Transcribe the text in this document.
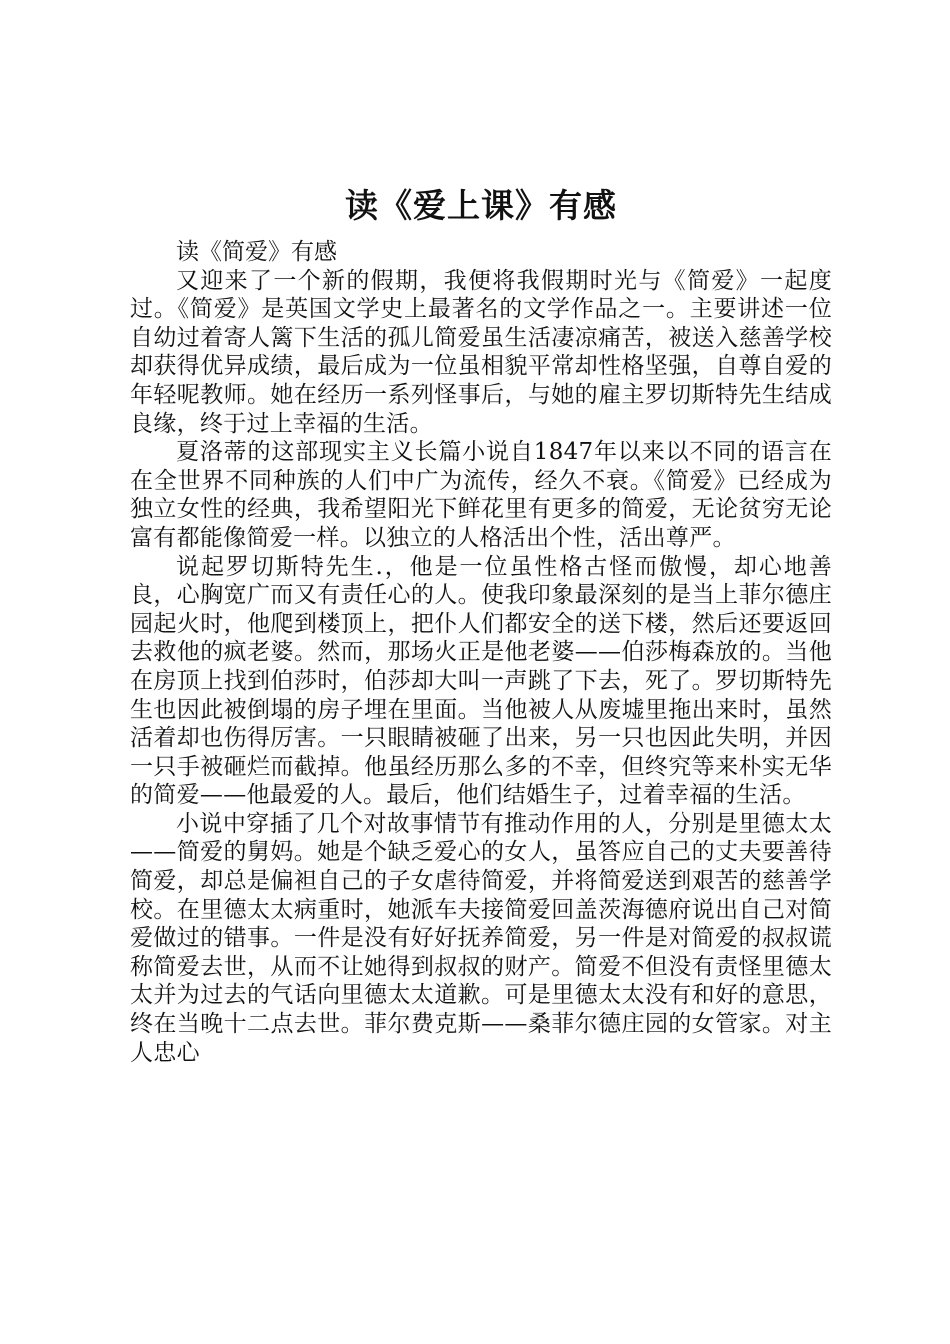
读《爱上课》有感

读《简爱》有感

又迎来了一个新的假期，我便将我假期时光与《简爱》一起度过。《简爱》是英国文学史上最著名的文学作品之一。主要讲述一位自幼过着寄人篱下生活的孤儿简爱虽生活凄凉痛苦，被送入慈善学校却获得优异成绩，最后成为一位虽相貌平常却性格坚强，自尊自爱的年轻呢教师。她在经历一系列怪事后，与她的雇主罗切斯特先生结成良缘，终于过上幸福的生活。

夏洛蒂的这部现实主义长篇小说自1847年以来以不同的语言在在全世界不同种族的人们中广为流传，经久不衰。《简爱》已经成为独立女性的经典，我希望阳光下鲜花里有更多的简爱，无论贫穷无论富有都能像简爱一样。以独立的人格活出个性，活出尊严。

说起罗切斯特先生.，他是一位虽性格古怪而傲慢，却心地善良，心胸宽广而又有责任心的人。使我印象最深刻的是当上菲尔德庄园起火时，他爬到楼顶上，把仆人们都安全的送下楼，然后还要返回去救他的疯老婆。然而，那场火正是他老婆——伯莎梅森放的。当他在房顶上找到伯莎时，伯莎却大叫一声跳了下去，死了。罗切斯特先生也因此被倒塌的房子埋在里面。当他被人从废墟里拖出来时，虽然活着却也伤得厉害。一只眼睛被砸了出来，另一只也因此失明，并因一只手被砸烂而截掉。他虽经历那么多的不幸，但终究等来朴实无华的简爱——他最爱的人。最后，他们结婚生子，过着幸福的生活。

小说中穿插了几个对故事情节有推动作用的人，分别是里德太太——简爱的舅妈。她是个缺乏爱心的女人，虽答应自己的丈夫要善待简爱，却总是偏袒自己的子女虐待简爱，并将简爱送到艰苦的慈善学校。在里德太太病重时，她派车夫接简爱回盖茨海德府说出自己对简爱做过的错事。一件是没有好好抚养简爱，另一件是对简爱的叔叔谎称简爱去世，从而不让她得到叔叔的财产。简爱不但没有责怪里德太太并为过去的气话向里德太太道歉。可是里德太太没有和好的意思，终在当晚十二点去世。菲尔费克斯——桑菲尔德庄园的女管家。对主人忠心
